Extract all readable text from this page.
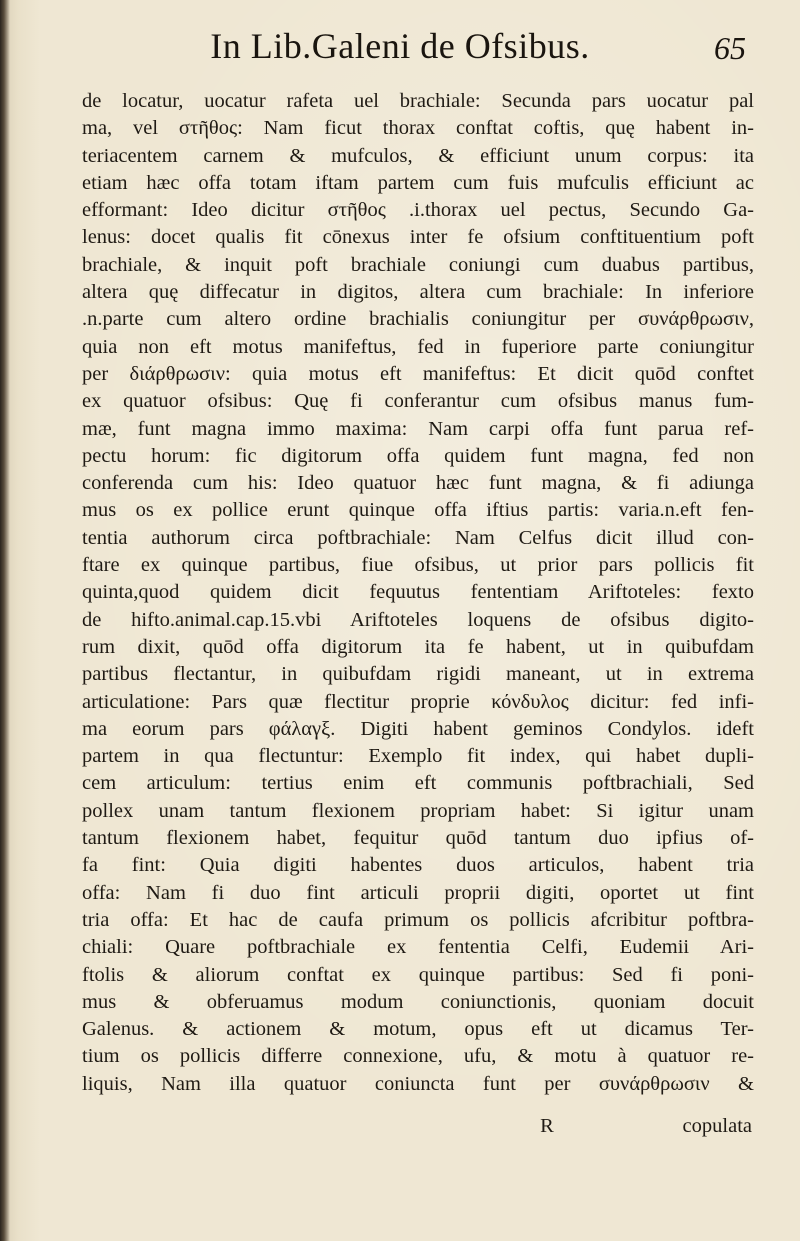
In Lib.Galeni de Ofsibus.	65
de locatur, uocatur rafeta uel brachiale: Secunda pars uocatur pal
ma, vel στῆθος: Nam ficut thorax conftat coftis, quę habent in-
teriacentem carnem & mufculos, & efficiunt unum corpus: ita
etiam hæc offa totam iftam partem cum fuis mufculis efficiunt ac
efformant: Ideo dicitur στῆθος .i.thorax uel pectus, Secundo Ga-
lenus: docet qualis fit cōnexus inter fe ofsium conftituentium poft
brachiale, & inquit poft brachiale coniungi cum duabus partibus,
altera quę diffecatur in digitos, altera cum brachiale: In inferiore
.n.parte cum altero ordine brachialis coniungitur per συνάρθρωσιν,
quia non eft motus manifeftus, fed in fuperiore parte coniungitur
per διάρθρωσιν: quia motus eft manifeftus: Et dicit quōd conftet
ex quatuor ofsibus: Quę fi conferantur cum ofsibus manus fum-
mæ, funt magna immo maxima: Nam carpi offa funt parua ref-
pectu horum: fic digitorum offa quidem funt magna, fed non
conferenda cum his: Ideo quatuor hæc funt magna, & fi adiunga
mus os ex pollice erunt quinque offa iftius partis: varia.n.eft fen-
tentia authorum circa poftbrachiale: Nam Celfus dicit illud con-
ftare ex quinque partibus, fiue ofsibus, ut prior pars pollicis fit
quinta,quod quidem dicit fequutus fententiam Ariftoteles: fexto
de hifto.animal.cap.15.vbi Ariftoteles loquens de ofsibus digito-
rum dixit, quōd offa digitorum ita fe habent, ut in quibufdam
partibus flectantur, in quibufdam rigidi maneant, ut in extrema
articulatione: Pars quæ flectitur proprie κόνδυλος dicitur: fed infi-
ma eorum pars φάλαγξ. Digiti habent geminos Condylos. ideft
partem in qua flectuntur: Exemplo fit index, qui habet dupli-
cem articulum: tertius enim eft communis poftbrachiali, Sed
pollex unam tantum flexionem propriam habet: Si igitur unam
tantum flexionem habet, fequitur quōd tantum duo ipfius of-
fa fint: Quia digiti habentes duos articulos, habent tria
offa: Nam fi duo fint articuli proprii digiti, oportet ut fint
tria offa: Et hac de caufa primum os pollicis afcribitur poftbra-
chiali: Quare poftbrachiale ex fententia Celfi, Eudemii Ari-
ftolis & aliorum conftat ex quinque partibus: Sed fi poni-
mus & obferuamus modum coniunctionis, quoniam docuit
Galenus. & actionem & motum, opus eft ut dicamus Ter-
tium os pollicis differre connexione, ufu, & motu à quatuor re-
liquis, Nam illa quatuor coniuncta funt per συνάρθρωσιν &
R	copulata
